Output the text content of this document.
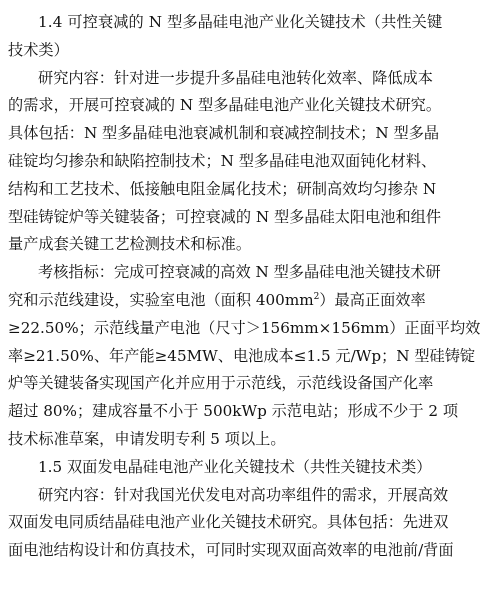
1.4 可控衰减的 N 型多晶硅电池产业化关键技术（共性关键
技术类）
研究内容：针对进一步提升多晶硅电池转化效率、降低成本
的需求，开展可控衰减的 N 型多晶硅电池产业化关键技术研究。
具体包括：N 型多晶硅电池衰减机制和衰减控制技术；N 型多晶
硅锭均匀掺杂和缺陷控制技术；N 型多晶硅电池双面钝化材料、
结构和工艺技术、低接触电阻金属化技术；研制高效均匀掺杂 N
型硅铸锭炉等关键装备；可控衰减的 N 型多晶硅太阳电池和组件
量产成套关键工艺检测技术和标准。
考核指标：完成可控衰减的高效 N 型多晶硅电池关键技术研
究和示范线建设，实验室电池（面积 $400mm^2$）最高正面效率
≥22.50%；示范线量产电池（尺寸＞156mm×156mm）正面平均效
率≥21.50%、年产能≥45MW、电池成本≤1.5 元/Wp；N 型硅铸锭
炉等关键装备实现国产化并应用于示范线，示范线设备国产化率
超过 80%；建成容量不小于 500kWp 示范电站；形成不少于 2 项
技术标准草案，申请发明专利 5 项以上。
1.5 双面发电晶硅电池产业化关键技术（共性关键技术类）
研究内容：针对我国光伏发电对高功率组件的需求，开展高效
双面发电同质结晶硅电池产业化关键技术研究。具体包括：先进双
面电池结构设计和仿真技术，可同时实现双面高效率的电池前/背面
